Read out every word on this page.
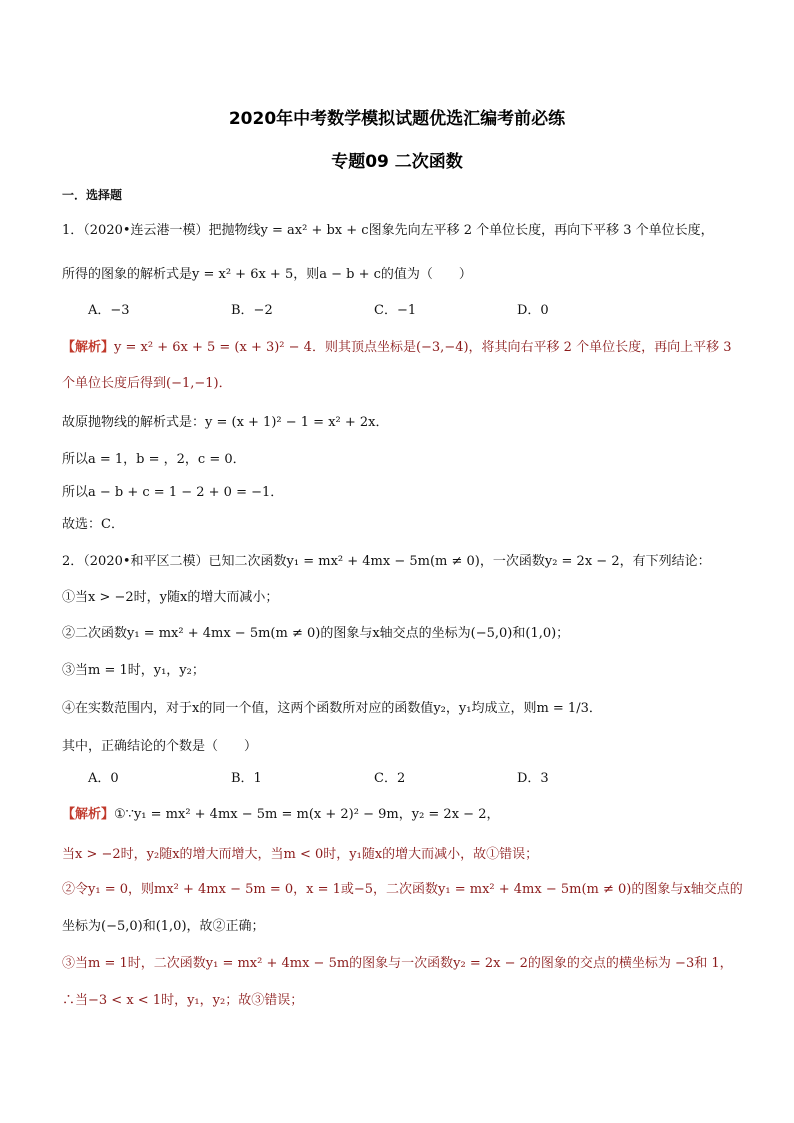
2020年中考数学模拟试题优选汇编考前必练
专题09 二次函数
一．选择题
1．（2020•连云港一模）把抛物线y = ax² + bx + c图象先向左平移 2 个单位长度，再向下平移 3 个单位长度，
所得的图象的解析式是y = x² + 6x + 5，则a − b + c的值为（　　）
A．−3	B．−2	C．−1	D．0
【解析】y = x² + 6x + 5 = (x + 3)² − 4．则其顶点坐标是(−3,−4)，将其向右平移 2 个单位长度，再向上平移 3
个单位长度后得到(−1,−1)．
故原抛物线的解析式是：y = (x + 1)² − 1 = x² + 2x．
所以a = 1，b = ，2，c = 0．
所以a − b + c = 1 − 2 + 0 = −1．
故选：C．
2．（2020•和平区二模）已知二次函数y₁ = mx² + 4mx − 5m(m ≠ 0)，一次函数y₂ = 2x − 2，有下列结论：
①当x > −2时，y随x的增大而减小；
②二次函数y₁ = mx² + 4mx − 5m(m ≠ 0)的图象与x轴交点的坐标为(−5,0)和(1,0)；
③当m = 1时，y₁，y₂；
④在实数范围内，对于x的同一个值，这两个函数所对应的函数值y₂，y₁均成立，则m = 1/3．
其中，正确结论的个数是（　　）
A．0	B．1	C．2	D．3
【解析】①∵y₁ = mx² + 4mx − 5m = m(x + 2)² − 9m，y₂ = 2x − 2，
当x > −2时，y₂随x的增大而增大，当m < 0时，y₁随x的增大而减小，故①错误；
②令y₁ = 0，则mx² + 4mx − 5m = 0，x = 1或−5，二次函数y₁ = mx² + 4mx − 5m(m ≠ 0)的图象与x轴交点的
坐标为(−5,0)和(1,0)，故②正确；
③当m = 1时，二次函数y₁ = mx² + 4mx − 5m的图象与一次函数y₂ = 2x − 2的图象的交点的横坐标为 −3和 1，
∴当−3 < x < 1时，y₁，y₂；故③错误；
